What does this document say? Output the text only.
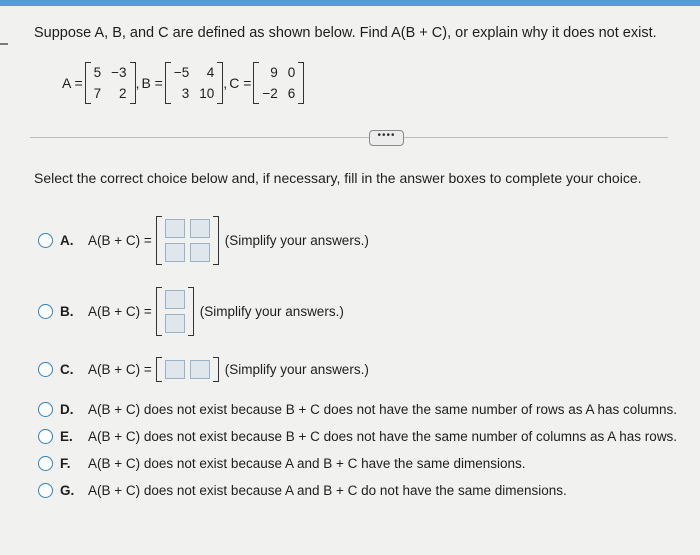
Suppose A, B, and C are defined as shown below. Find A(B + C), or explain why it does not exist.
A =
5 −3
7	2
, B =
−5	4
3 10
, C =
9 0
−2 6
••••
Select the correct choice below and, if necessary, fill in the answer boxes to complete your choice.
A.	A(B + C) =	(Simplify your answers.)
B.	A(B + C) =	(Simplify your answers.)
C.	A(B + C) =	(Simplify your answers.)
D.	A(B + C) does not exist because B + C does not have the same number of rows as A has columns.
E.	A(B + C) does not exist because B + C does not have the same number of columns as A has rows.
F.	A(B + C) does not exist because A and B + C have the same dimensions.
G.	A(B + C) does not exist because A and B + C do not have the same dimensions.
